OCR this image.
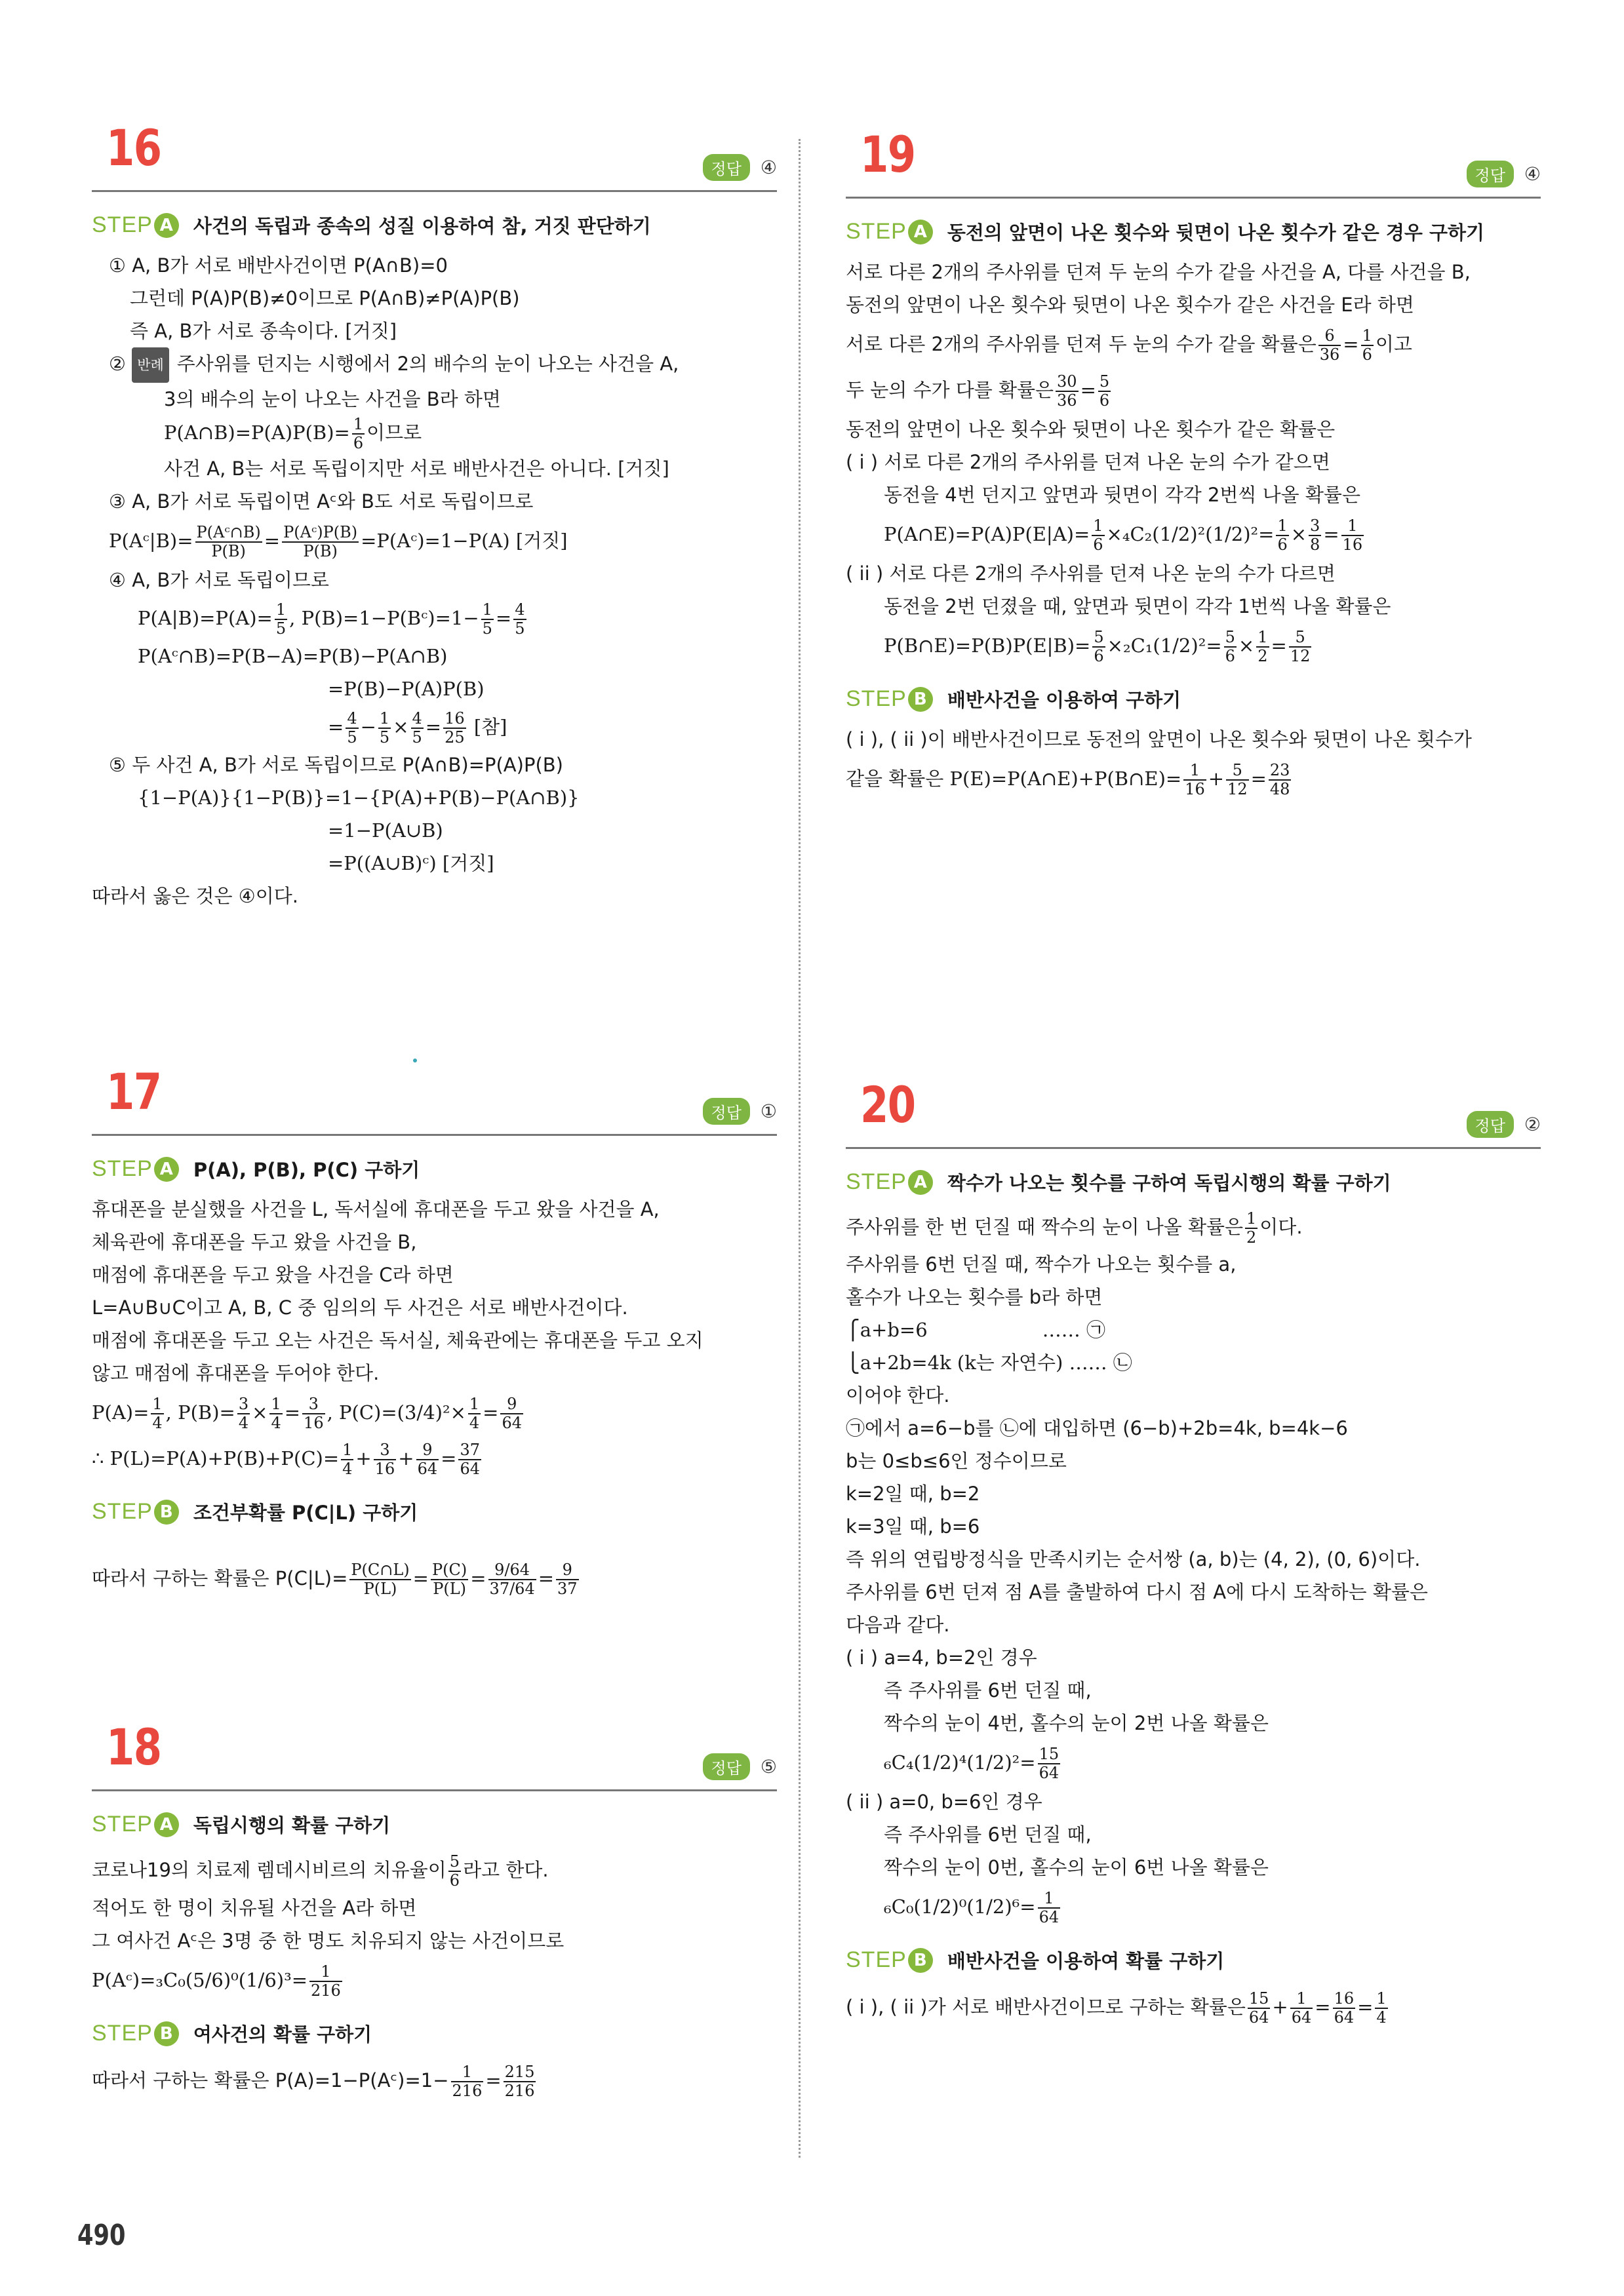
16	정답	④
STEP A	사건의 독립과 종속의 성질 이용하여 참, 거짓 판단하기
① A, B가 서로 배반사건이면 P(A∩B)=0
그런데 P(A)P(B)≠0이므로 P(A∩B)≠P(A)P(B)
즉 A, B가 서로 종속이다. [거짓]
② 반례 주사위를 던지는 시행에서 2의 배수의 눈이 나오는 사건을 A,
3의 배수의 눈이 나오는 사건을 B라 하면
P(A∩B)=P(A)P(B)= $\frac{1}{6}$ 이므로
사건 A, B는 서로 독립이지만 서로 배반사건은 아니다. [거짓]
③ A, B가 서로 독립이면 Aᶜ와 B도 서로 독립이므로
P(Aᶜ|B)= $\frac{\text{P(Aᶜ∩B)}}{P(B)} = \frac{\text{P(Aᶜ)P(B)}}{P(B)}$ =P(Aᶜ)=1−P(A) [거짓]
④ A, B가 서로 독립이므로
$P(A|B)=P(A)= \frac{1}{5}$ , P(B)=1−P(Bᶜ)=1− $\frac{1}{5} = \frac{4}{5}$
P(Aᶜ∩B)=P(B−A)=P(B)−P(A∩B)
=P(B)−P(A)P(B)
= $\frac{4}{5} - \frac{1}{5} \times \frac{4}{5} = \frac{16}{25}$ [참]
⑤ 두 사건 A, B가 서로 독립이므로 P(A∩B)=P(A)P(B)
{1−P(A)}{1−P(B)}=1−{P(A)+P(B)−P(A∩B)}
=1−P(A∪B)
=P((A∪B)ᶜ) [거짓]
따라서 옳은 것은 ④이다.
17	정답	①
STEP A	P(A), P(B), P(C) 구하기
휴대폰을 분실했을 사건을 L, 독서실에 휴대폰을 두고 왔을 사건을 A,
체육관에 휴대폰을 두고 왔을 사건을 B,
매점에 휴대폰을 두고 왔을 사건을 C라 하면
L=A∪B∪C이고 A, B, C 중 임의의 두 사건은 서로 배반사건이다.
매점에 휴대폰을 두고 오는 사건은 독서실, 체육관에는 휴대폰을 두고 오지
않고 매점에 휴대폰을 두어야 한다.
$P(A)= \frac{1}{4}$ , $P(B)= \frac{3}{4} \times \frac{1}{4} = \frac{3}{16}$ , $P(C)=(3/4)^2\times \frac{1}{4} = \frac{9}{64}$
∴ $P(L)=P(A)+P(B)+P(C)= \frac{1}{4} + \frac{3}{16} + \frac{9}{64} = \frac{37}{64}$
STEP B	조건부확률 P(C|L) 구하기
따라서 구하는 확률은 $P(C|L)= \frac{P(C\cap L)}{P(L)} = \frac{P(C)}{P(L)} = \frac{9/64}{37/64} = \frac{9}{37}$
18	정답	⑤
STEP A	독립시행의 확률 구하기
코로나19의 치료제 렘데시비르의 치유율이 $\frac{5}{6}$ 라고 한다.
적어도 한 명이 치유될 사건을 A라 하면
그 여사건 Aᶜ은 3명 중 한 명도 치유되지 않는 사건이므로
P(Aᶜ)=₃C₀(5/6)⁰(1/6)³= $\frac{1}{216}$
STEP B	여사건의 확률 구하기
따라서 구하는 확률은 P(A)=1−P(Aᶜ)=1− $\frac{1}{216} = \frac{215}{216}$
19	정답	④
STEP A	동전의 앞면이 나온 횟수와 뒷면이 나온 횟수가 같은 경우 구하기
서로 다른 2개의 주사위를 던져 두 눈의 수가 같을 사건을 A, 다를 사건을 B,
동전의 앞면이 나온 횟수와 뒷면이 나온 횟수가 같은 사건을 E라 하면
서로 다른 2개의 주사위를 던져 두 눈의 수가 같을 확률은 $\frac{6}{36} = \frac{1}{6}$ 이고
두 눈의 수가 다를 확률은 $\frac{30}{36} = \frac{5}{6}$
동전의 앞면이 나온 횟수와 뒷면이 나온 횟수가 같은 확률은
( i ) 서로 다른 2개의 주사위를 던져 나온 눈의 수가 같으면
동전을 4번 던지고 앞면과 뒷면이 각각 2번씩 나올 확률은
P(A∩E)=P(A)P(E|A)= $\frac{1}{6} \times_4C_2(1/2)^2(1/2)^2= \frac{1}{6} \times \frac{3}{8} = \frac{1}{16}$
( ii ) 서로 다른 2개의 주사위를 던져 나온 눈의 수가 다르면
동전을 2번 던졌을 때, 앞면과 뒷면이 각각 1번씩 나올 확률은
P(B∩E)=P(B)P(E|B)= $\frac{5}{6} \times_2C_1(1/2)^2= \frac{5}{6} \times \frac{1}{2} = \frac{5}{12}$
STEP B	배반사건을 이용하여 구하기
( i ), ( ii )이 배반사건이므로 동전의 앞면이 나온 횟수와 뒷면이 나온 횟수가
같을 확률은 P(E)=P(A∩E)+P(B∩E)= $\frac{1}{16} + \frac{5}{12} = \frac{23}{48}$
20	정답	②
STEP A	짝수가 나오는 횟수를 구하여 독립시행의 확률 구하기
주사위를 한 번 던질 때 짝수의 눈이 나올 확률은 $\frac{1}{2}$ 이다.
주사위를 6번 던질 때, 짝수가 나오는 횟수를 a,
홀수가 나오는 횟수를 b라 하면
⎧a+b=6                   …… ㉠
⎩a+2b=4k (k는 자연수) …… ㉡
이어야 한다.
㉠에서 a=6−b를 ㉡에 대입하면 (6−b)+2b=4k, b=4k−6
b는 0≤b≤6인 정수이므로
k=2일 때, b=2
k=3일 때, b=6
즉 위의 연립방정식을 만족시키는 순서쌍 (a, b)는 (4, 2), (0, 6)이다.
주사위를 6번 던져 점 A를 출발하여 다시 점 A에 다시 도착하는 확률은
다음과 같다.
( i ) a=4, b=2인 경우
즉 주사위를 6번 던질 때,
짝수의 눈이 4번, 홀수의 눈이 2번 나올 확률은
$_6C_4(1/2)^4(1/2)^2= \frac{15}{64}$
( ii ) a=0, b=6인 경우
즉 주사위를 6번 던질 때,
짝수의 눈이 0번, 홀수의 눈이 6번 나올 확률은
$_6C_0(1/2)^0(1/2)^6= \frac{1}{64}$
STEP B	배반사건을 이용하여 확률 구하기
( i ), ( ii )가 서로 배반사건이므로 구하는 확률은 $\frac{15}{64} + \frac{1}{64} = \frac{16}{64} = \frac{1}{4}$
490
